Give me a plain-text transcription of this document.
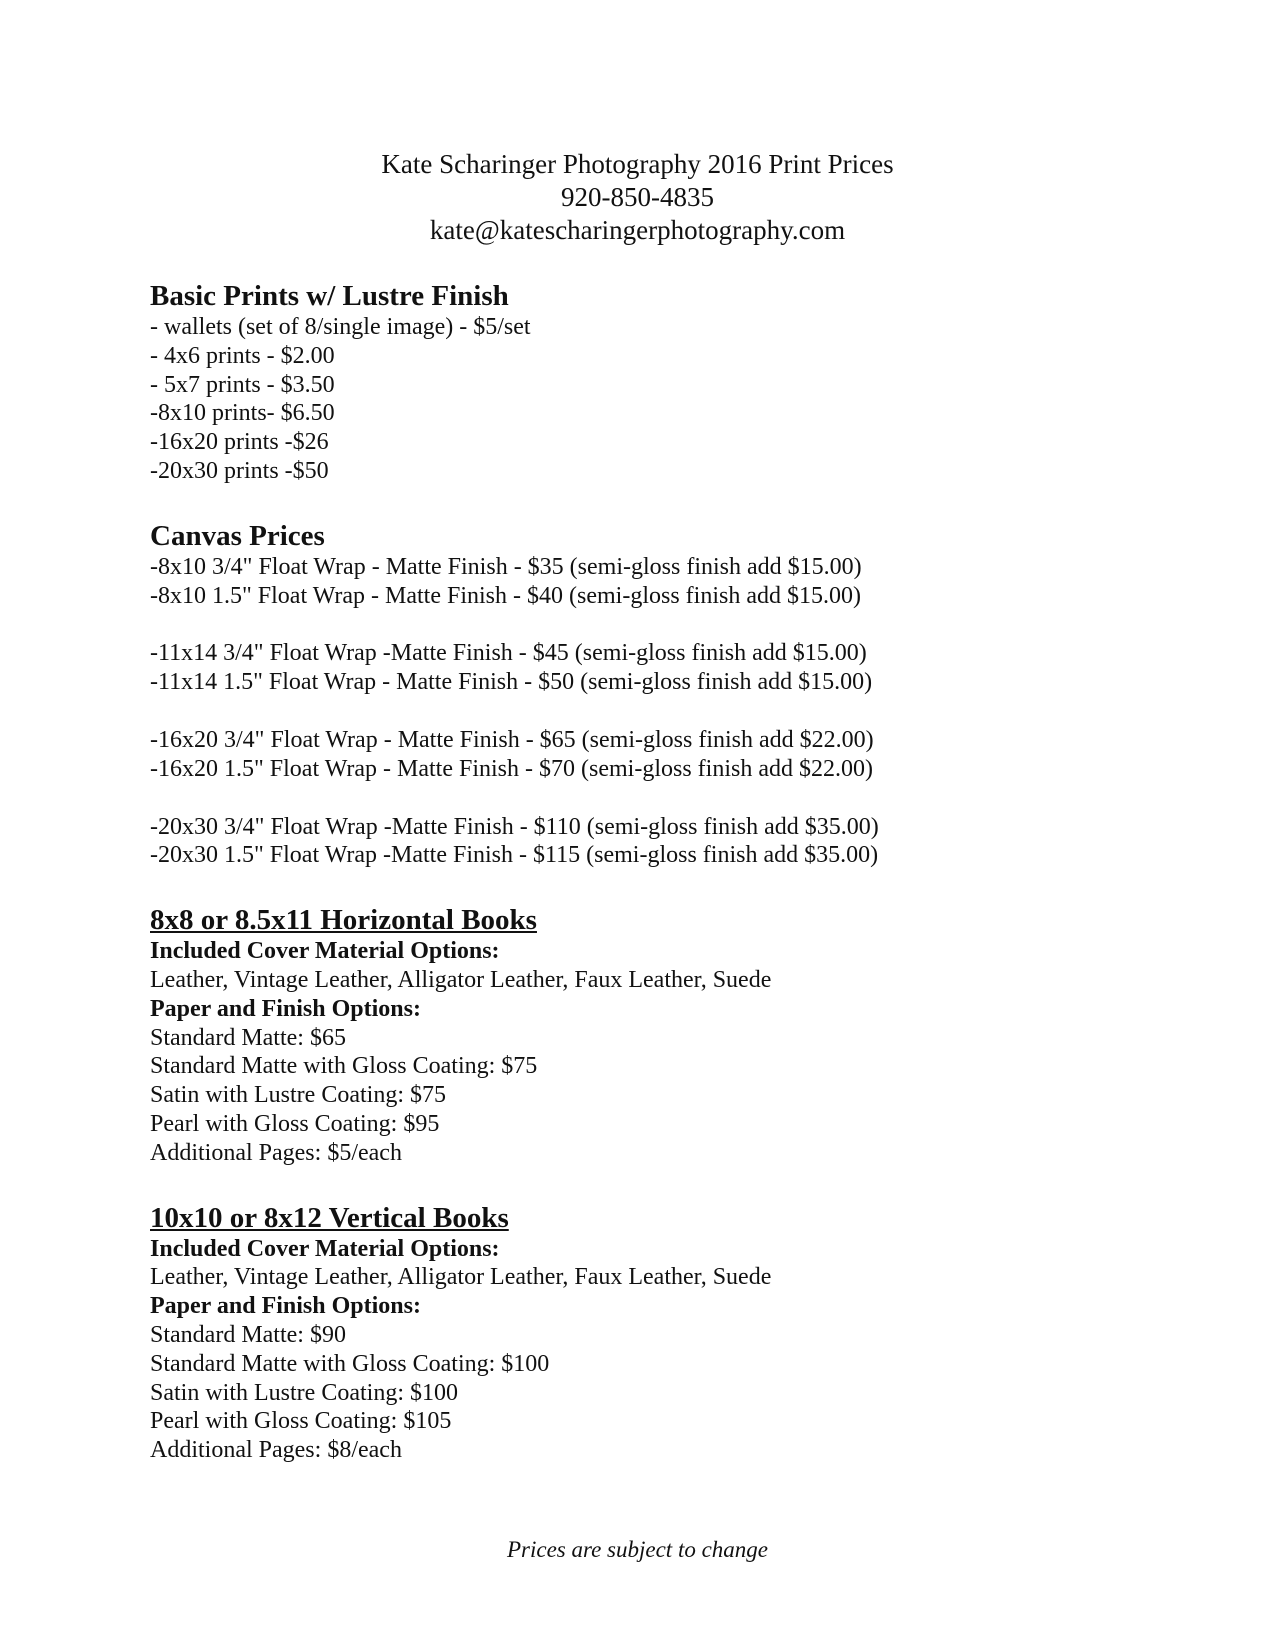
Kate Scharinger Photography 2016 Print Prices
920-850-4835
kate@katescharingerphotography.com
Basic Prints w/ Lustre Finish
- wallets (set of 8/single image) - $5/set
- 4x6 prints - $2.00
- 5x7 prints - $3.50
-8x10 prints- $6.50
-16x20 prints -$26
-20x30 prints -$50
Canvas Prices
-8x10 3/4" Float Wrap - Matte Finish - $35 (semi-gloss finish add $15.00)
-8x10 1.5" Float Wrap - Matte Finish - $40 (semi-gloss finish add $15.00)
-11x14 3/4" Float Wrap -Matte Finish - $45 (semi-gloss finish add $15.00)
-11x14 1.5" Float Wrap - Matte Finish - $50 (semi-gloss finish add $15.00)
-16x20 3/4" Float Wrap - Matte Finish - $65 (semi-gloss finish add $22.00)
-16x20 1.5" Float Wrap - Matte Finish - $70 (semi-gloss finish add $22.00)
-20x30 3/4" Float Wrap -Matte Finish - $110 (semi-gloss finish add $35.00)
-20x30 1.5" Float Wrap -Matte Finish - $115 (semi-gloss finish add $35.00)
8x8 or 8.5x11 Horizontal Books
Included Cover Material Options:
Leather, Vintage Leather, Alligator Leather, Faux Leather, Suede
Paper and Finish Options:
Standard Matte: $65
Standard Matte with Gloss Coating: $75
Satin with Lustre Coating: $75
Pearl with Gloss Coating: $95
Additional Pages: $5/each
10x10 or 8x12 Vertical Books
Included Cover Material Options:
Leather, Vintage Leather, Alligator Leather, Faux Leather, Suede
Paper and Finish Options:
Standard Matte: $90
Standard Matte with Gloss Coating: $100
Satin with Lustre Coating: $100
Pearl with Gloss Coating: $105
Additional Pages: $8/each
Prices are subject to change
